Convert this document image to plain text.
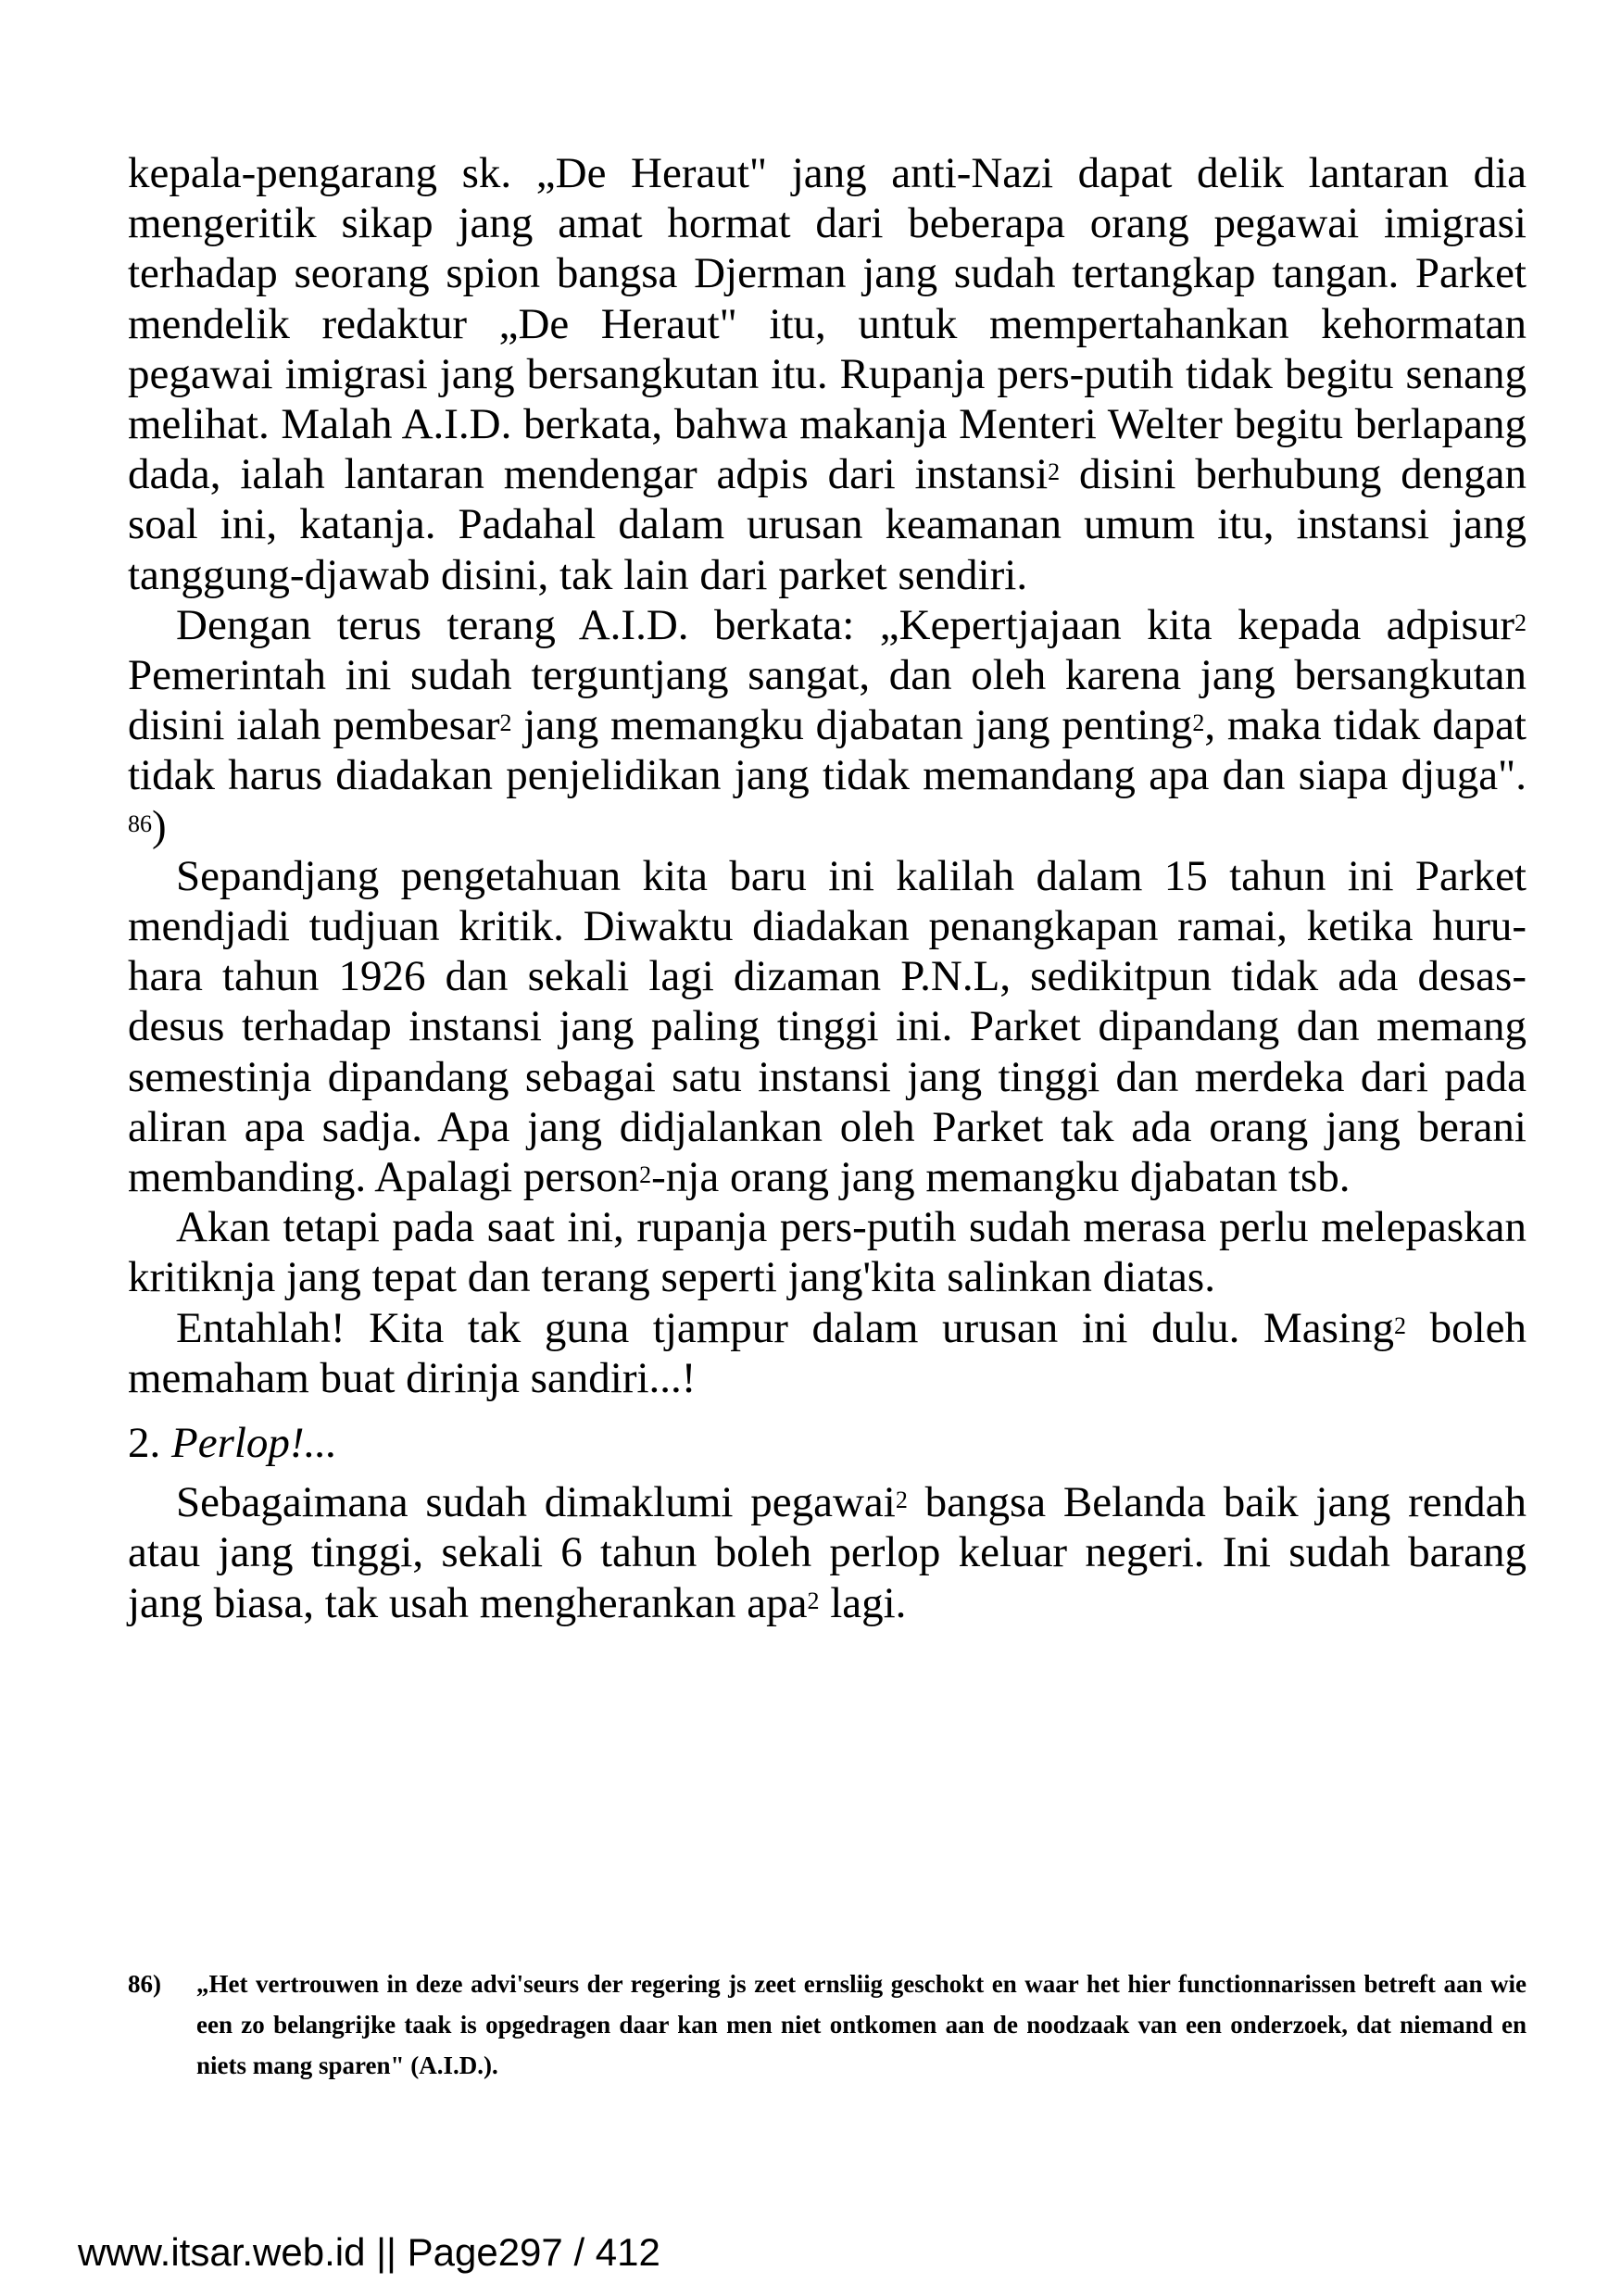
kepala-pengarang sk. „De Heraut" jang anti-Nazi dapat delik lantaran dia mengeritik sikap jang amat hormat dari beberapa orang pegawai imigrasi terhadap seorang spion bangsa Djerman jang sudah tertangkap tangan. Parket mendelik redaktur „De Heraut" itu, untuk mempertahankan kehormatan pegawai imigrasi jang bersangkutan itu. Rupanja pers-putih tidak begitu senang melihat. Malah A.I.D. berkata, bahwa makanja Menteri Welter begitu berlapang dada, ialah lantaran mendengar adpis dari instansi$^2$ disini berhubung dengan soal ini, katanja. Padahal dalam urusan keamanan umum itu, instansi jang tanggung-djawab disini, tak lain dari parket sendiri.

Dengan terus terang A.I.D. berkata: „Kepertjajaan kita kepada adpisur$^2$ Pemerintah ini sudah terguntjang sangat, dan oleh karena jang bersangkutan disini ialah pembesar$^2$ jang memangku djabatan jang penting$^2$, maka tidak dapat tidak harus diadakan penjelidikan jang tidak memandang apa dan siapa djuga". $^{86}$)

Sepandjang pengetahuan kita baru ini kalilah dalam 15 tahun ini Parket mendjadi tudjuan kritik. Diwaktu diadakan penangkapan ramai, ketika huru-hara tahun 1926 dan sekali lagi dizaman P.N.L, sedikitpun tidak ada desas-desus terhadap instansi jang paling tinggi ini. Parket dipandang dan memang semestinja dipandang sebagai satu instansi jang tinggi dan merdeka dari pada aliran apa sadja. Apa jang didjalankan oleh Parket tak ada orang jang berani membanding. Apalagi person$^2$-nja orang jang memangku djabatan tsb.

Akan tetapi pada saat ini, rupanja pers-putih sudah merasa perlu melepaskan kritiknja jang tepat dan terang seperti jang'kita salinkan diatas.

Entahlah! Kita tak guna tjampur dalam urusan ini dulu. Masing$^2$ boleh memaham buat dirinja sandiri...!

2. Perlop!...

Sebagaimana sudah dimaklumi pegawai$^2$ bangsa Belanda baik jang rendah atau jang tinggi, sekali 6 tahun boleh perlop keluar negeri. Ini sudah barang jang biasa, tak usah mengherankan apa$^2$ lagi.

86)	„Het vertrouwen in deze advi'seurs der regering js zeet ernsliig geschokt en waar het hier functionnarissen betreft aan wie een zo belangrijke taak is opgedragen daar kan men niet ontkomen aan de noodzaak van een onderzoek, dat niemand en niets mang sparen" (A.I.D.).
www.itsar.web.id || Page297 / 412
